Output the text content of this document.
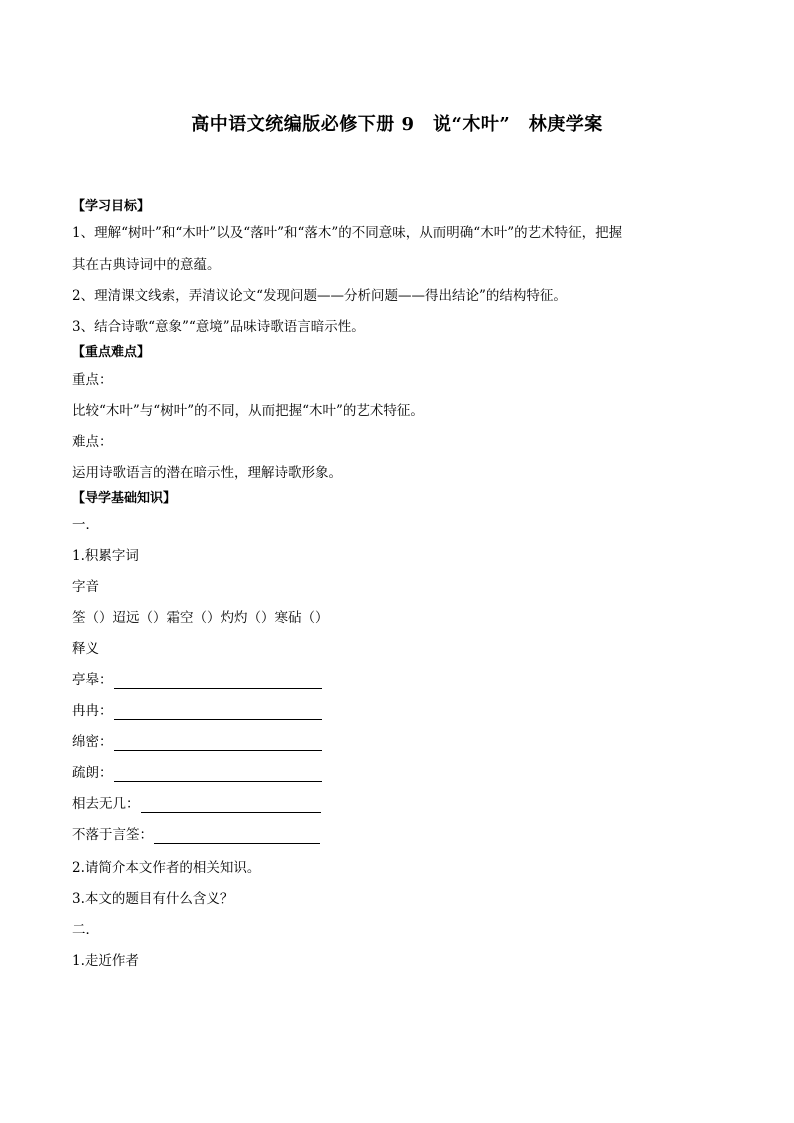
高中语文统编版必修下册 9　说“木叶”　林庚学案
【学习目标】
1、理解“树叶”和“木叶”以及“落叶”和“落木”的不同意味，从而明确“木叶”的艺术特征，把握
其在古典诗词中的意蕴。
2、理清课文线索，弄清议论文“发现问题——分析问题——得出结论”的结构特征。
3、结合诗歌“意象”“意境”品味诗歌语言暗示性。
【重点难点】
重点：
比较“木叶”与“树叶”的不同，从而把握“木叶”的艺术特征。
难点：
运用诗歌语言的潜在暗示性，理解诗歌形象。
【导学基础知识】
一．
1.积累字词
字音
筌（）迢远（）霜空（）灼灼（）寒砧（）
释义
亭皋：
冉冉：
绵密：
疏朗：
相去无几：
不落于言筌：
2.请简介本文作者的相关知识。
3.本文的题目有什么含义？
二．
1.走近作者
